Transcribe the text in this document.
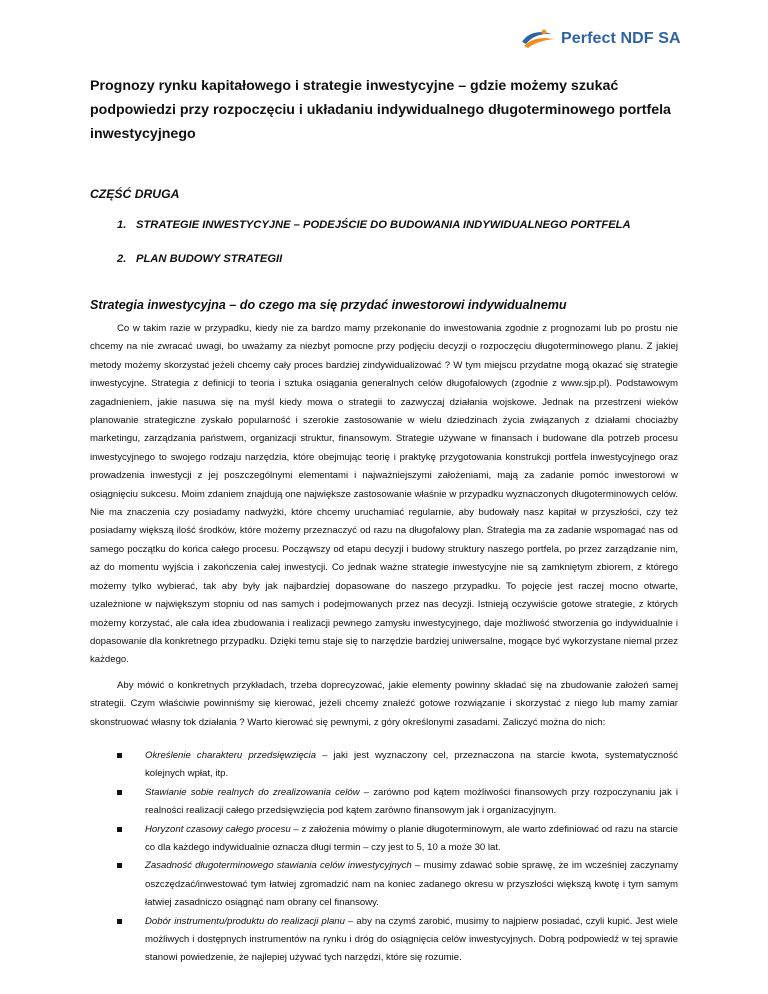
Perfect NDF SA
Prognozy rynku kapitałowego i strategie inwestycyjne – gdzie możemy szukać podpowiedzi przy rozpoczęciu i układaniu indywidualnego długoterminowego portfela inwestycyjnego
CZĘŚĆ DRUGA
1. STRATEGIE INWESTYCYJNE – PODEJŚCIE DO BUDOWANIA INDYWIDUALNEGO PORTFELA
2. PLAN BUDOWY STRATEGII
Strategia inwestycyjna – do czego ma się przydać inwestorowi indywidualnemu

Co w takim razie w przypadku, kiedy nie za bardzo mamy przekonanie do inwestowania zgodnie z prognozami lub po prostu nie chcemy na nie zwracać uwagi, bo uważamy za niezbyt pomocne przy podjęciu decyzji o rozpoczęciu długoterminowego planu. Z jakiej metody możemy skorzystać jeżeli chcemy cały proces bardziej zindywidualizować ? W tym miejscu przydatne mogą okazać się strategie inwestycyjne. Strategia z definicji to teoria i sztuka osiągania generalnych celów długofalowych (zgodnie z www.sjp.pl). Podstawowym zagadnieniem, jakie nasuwa się na myśl kiedy mowa o strategii to zazwyczaj działania wojskowe. Jednak na przestrzeni wieków planowanie strategiczne zyskało popularność i szerokie zastosowanie w wielu dziedzinach życia związanych z działami chociażby marketingu, zarządzania państwem, organizacji struktur, finansowym. Strategie używane w finansach i budowane dla potrzeb procesu inwestycyjnego to swojego rodzaju narzędzia, które obejmując teorię i praktykę przygotowania konstrukcji portfela inwestycyjnego oraz prowadzenia inwestycji z jej poszczególnymi elementami i najważniejszymi założeniami, mają za zadanie pomóc inwestorowi w osiągnięciu sukcesu. Moim zdaniem znajdują one największe zastosowanie właśnie w przypadku wyznaczonych długoterminowych celów. Nie ma znaczenia czy posiadamy nadwyżki, które chcemy uruchamiać regularnie, aby budowały nasz kapitał w przyszłości, czy też posiadamy większą ilość środków, które możemy przeznaczyć od razu na długofalowy plan. Strategia ma za zadanie wspomagać nas od samego początku do końca całego procesu. Począwszy od etapu decyzji i budowy struktury naszego portfela, po przez zarządzanie nim, aż do momentu wyjścia i zakończenia całej inwestycji. Co jednak ważne strategie inwestycyjne nie są zamkniętym zbiorem, z którego możemy tylko wybierać, tak aby były jak najbardziej dopasowane do naszego przypadku. To pojęcie jest raczej mocno otwarte, uzależnione w największym stopniu od nas samych i podejmowanych przez nas decyzji. Istnieją oczywiście gotowe strategie, z których możemy korzystać, ale cała idea zbudowania i realizacji pewnego zamysłu inwestycyjnego, daje możliwość stworzenia go indywidualnie i dopasowanie dla konkretnego przypadku. Dzięki temu staje się to narzędzie bardziej uniwersalne, mogące być wykorzystane niemal przez każdego.

Aby mówić o konkretnych przykładach, trzeba doprecyzować, jakie elementy powinny składać się na zbudowanie założeń samej strategii. Czym właściwie powinniśmy się kierować, jeżeli chcemy znaleźć gotowe rozwiązanie i skorzystać z niego lub mamy zamiar skonstruować własny tok działania ? Warto kierować się pewnymi, z góry określonymi zasadami. Zaliczyć można do nich:

Określenie charakteru przedsięwzięcia – jaki jest wyznaczony cel, przeznaczona na starcie kwota, systematyczność kolejnych wpłat, itp.
Stawianie sobie realnych do zrealizowania celów – zarówno pod kątem możliwości finansowych przy rozpoczynaniu jak i realności realizacji całego przedsięwzięcia pod kątem zarówno finansowym jak i organizacyjnym.
Horyzont czasowy całego procesu – z założenia mówimy o planie długoterminowym, ale warto zdefiniować od razu na starcie co dla każdego indywidualnie oznacza długi termin – czy jest to 5, 10 a może 30 lat.
Zasadność długoterminowego stawiania celów inwestycyjnych – musimy zdawać sobie sprawę, że im wcześniej zaczynamy oszczędzać/inwestować tym łatwiej zgromadzić nam na koniec zadanego okresu w przyszłości większą kwotę i tym samym łatwiej zasadniczo osiągnąć nam obrany cel finansowy.
Dobór instrumentu/produktu do realizacji planu – aby na czymś zarobić, musimy to najpierw posiadać, czyli kupić. Jest wiele możliwych i dostępnych instrumentów na rynku i dróg do osiągnięcia celów inwestycyjnych. Dobrą podpowiedź w tej sprawie stanowi powiedzenie, że najlepiej używać tych narzędzi, które się rozumie.
